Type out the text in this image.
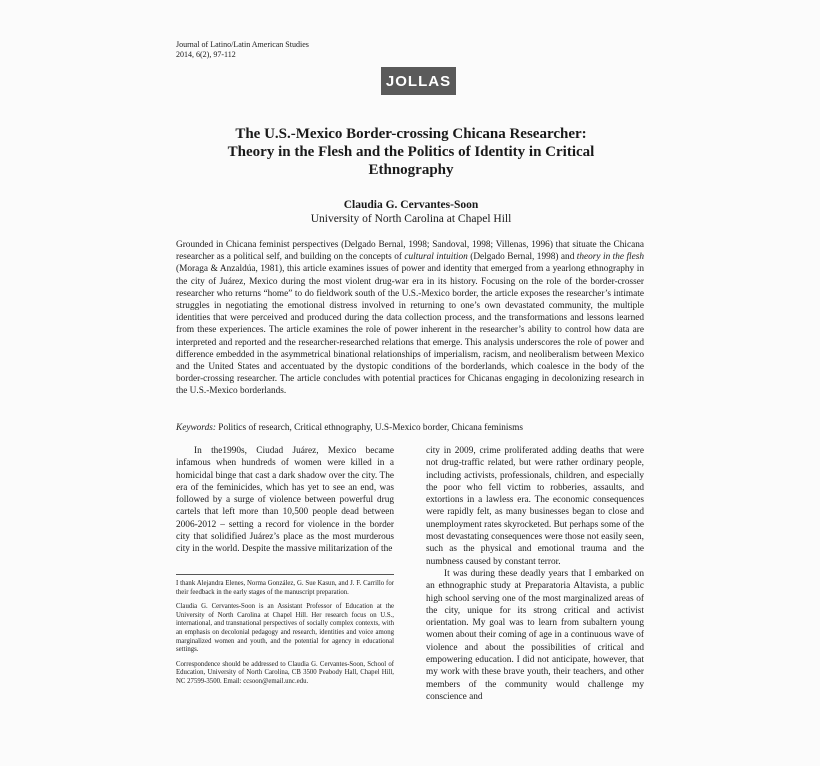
Journal of Latino/Latin American Studies
2014, 6(2), 97-112
JOLLAS
The U.S.-Mexico Border-crossing Chicana Researcher:
Theory in the Flesh and the Politics of Identity in Critical
Ethnography
Claudia G. Cervantes-Soon
University of North Carolina at Chapel Hill
Grounded in Chicana feminist perspectives (Delgado Bernal, 1998; Sandoval, 1998; Villenas, 1996) that situate the Chicana researcher as a political self, and building on the concepts of cultural intuition (Delgado Bernal, 1998) and theory in the flesh (Moraga & Anzaldúa, 1981), this article examines issues of power and identity that emerged from a yearlong ethnography in the city of Juárez, Mexico during the most violent drug-war era in its history. Focusing on the role of the border-crosser researcher who returns “home” to do fieldwork south of the U.S.-Mexico border, the article exposes the researcher’s intimate struggles in negotiating the emotional distress involved in returning to one’s own devastated community, the multiple identities that were perceived and produced during the data collection process, and the transformations and lessons learned from these experiences. The article examines the role of power inherent in the researcher’s ability to control how data are interpreted and reported and the researcher-researched relations that emerge. This analysis underscores the role of power and difference embedded in the asymmetrical binational relationships of imperialism, racism, and neoliberalism between Mexico and the United States and accentuated by the dystopic conditions of the borderlands, which coalesce in the body of the border-crossing researcher. The article concludes with potential practices for Chicanas engaging in decolonizing research in the U.S.-Mexico borderlands.
Keywords: Politics of research, Critical ethnography, U.S-Mexico border, Chicana feminisms

In the1990s, Ciudad Juárez, Mexico became infamous when hundreds of women were killed in a homicidal binge that cast a dark shadow over the city. The era of the feminicides, which has yet to see an end, was followed by a surge of violence between powerful drug cartels that left more than 10,500 people dead between 2006-2012 – setting a record for violence in the border city that solidified Juárez’s place as the most murderous city in the world. Despite the massive militarization of the

I thank Alejandra Elenes, Norma González, G. Sue Kasun, and J. F. Carrillo for their feedback in the early stages of the manuscript preparation.

Claudia G. Cervantes-Soon is an Assistant Professor of Education at the University of North Carolina at Chapel Hill. Her research focus on U.S., international, and transnational perspectives of socially complex contexts, with an emphasis on decolonial pedagogy and research, identities and voice among marginalized women and youth, and the potential for agency in educational settings.

Correspondence should be addressed to Claudia G. Cervantes-Soon, School of Education, University of North Carolina, CB 3500 Peabody Hall, Chapel Hill, NC 27599-3500. Email: ccsoon@email.unc.edu.

city in 2009, crime proliferated adding deaths that were not drug-traffic related, but were rather ordinary people, including activists, professionals, children, and especially the poor who fell victim to robberies, assaults, and extortions in a lawless era. The economic consequences were rapidly felt, as many businesses began to close and unemployment rates skyrocketed. But perhaps some of the most devastating consequences were those not easily seen, such as the physical and emotional trauma and the numbness caused by constant terror.

It was during these deadly years that I embarked on an ethnographic study at Preparatoria Altavista, a public high school serving one of the most marginalized areas of the city, unique for its strong critical and activist orientation. My goal was to learn from subaltern young women about their coming of age in a continuous wave of violence and about the possibilities of critical and empowering education. I did not anticipate, however, that my work with these brave youth, their teachers, and other members of the community would challenge my conscience and
